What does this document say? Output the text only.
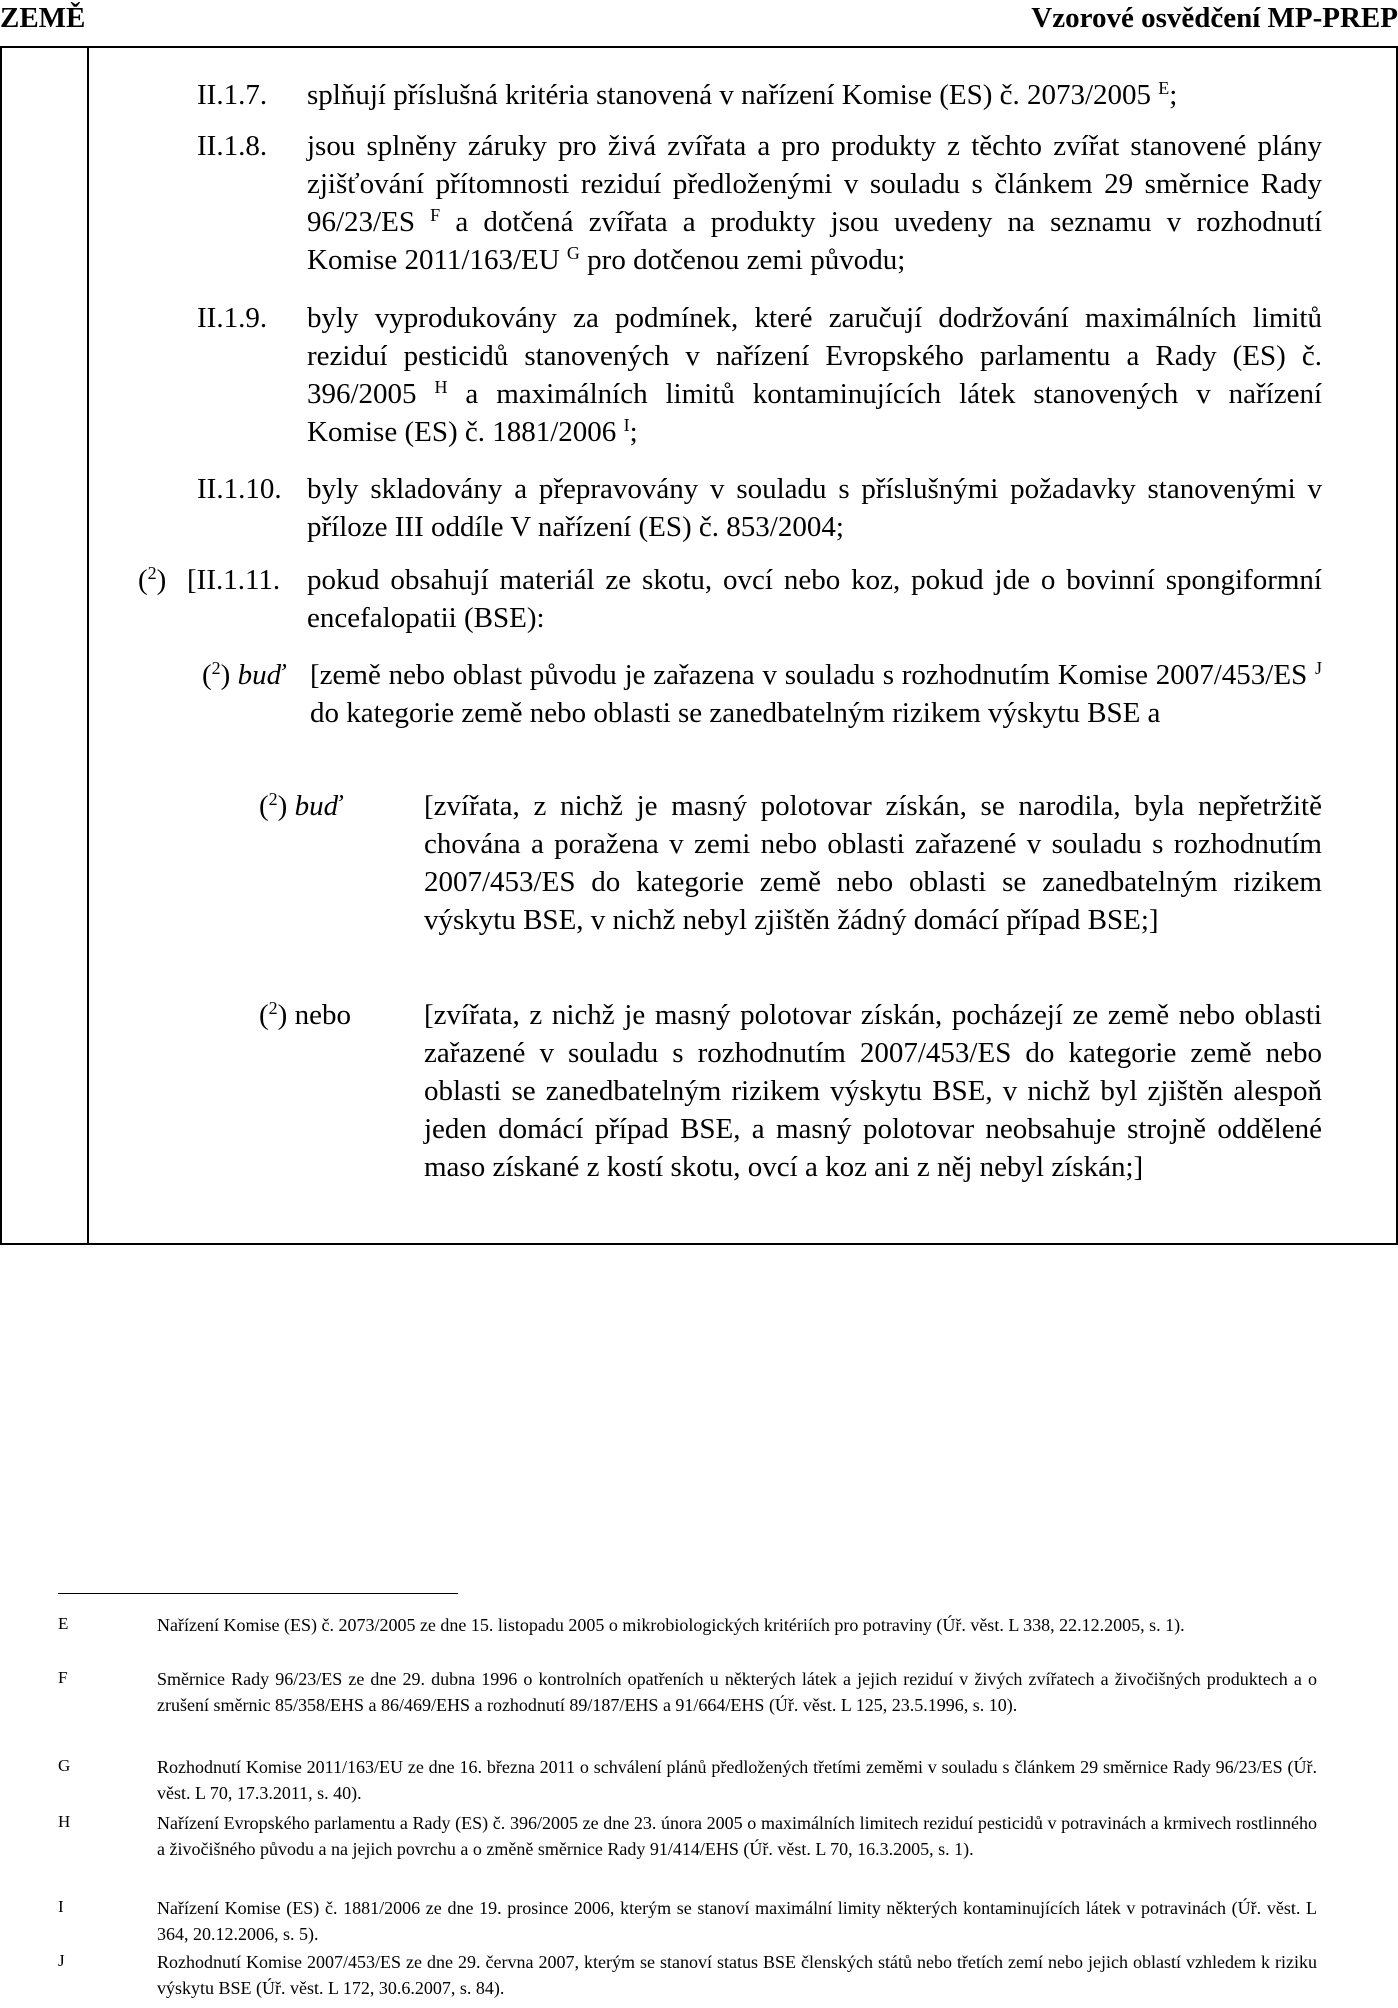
ZEMĚ	Vzorové osvědčení MP-PREP
II.1.7. splňují příslušná kritéria stanovená v nařízení Komise (ES) č. 2073/2005 $^E$;
II.1.8. jsou splněny záruky pro živá zvířata a pro produkty z těchto zvířat stanovené plány zjišťování přítomnosti reziduí předloženými v souladu s článkem 29 směrnice Rady 96/23/ES $^F$ a dotčená zvířata a produkty jsou uvedeny na seznamu v rozhodnutí Komise 2011/163/EU $^G$ pro dotčenou zemi původu;
II.1.9. byly vyprodukovány za podmínek, které zaručují dodržování maximálních limitů reziduí pesticidů stanovených v nařízení Evropského parlamentu a Rady (ES) č. 396/2005 $^H$ a maximálních limitů kontaminujících látek stanovených v nařízení Komise (ES) č. 1881/2006 $^I$;
II.1.10. byly skladovány a přepravovány v souladu s příslušnými požadavky stanovenými v příloze III oddíle V nařízení (ES) č. 853/2004;
($^2$) [II.1.11. pokud obsahují materiál ze skotu, ovcí nebo koz, pokud jde o bovinní spongiformní encefalopatii (BSE):
($^2$) buď [země nebo oblast původu je zařazena v souladu s rozhodnutím Komise 2007/453/ES $^J$ do kategorie země nebo oblasti se zanedbatelným rizikem výskytu BSE a
($^2$) buď	[zvířata, z nichž je masný polotovar získán, se narodila, byla nepřetržitě chována a poražena v zemi nebo oblasti zařazené v souladu s rozhodnutím 2007/453/ES do kategorie země nebo oblasti se zanedbatelným rizikem výskytu BSE, v nichž nebyl zjištěn žádný domácí případ BSE;]
($^2$) nebo	[zvířata, z nichž je masný polotovar získán, pocházejí ze země nebo oblasti zařazené v souladu s rozhodnutím 2007/453/ES do kategorie země nebo oblasti se zanedbatelným rizikem výskytu BSE, v nichž byl zjištěn alespoň jeden domácí případ BSE, a masný polotovar neobsahuje strojně oddělené maso získané z kostí skotu, ovcí a koz ani z něj nebyl získán;]
E	Nařízení Komise (ES) č. 2073/2005 ze dne 15. listopadu 2005 o mikrobiologických kritériích pro potraviny (Úř. věst. L 338, 22.12.2005, s. 1).
F	Směrnice Rady 96/23/ES ze dne 29. dubna 1996 o kontrolních opatřeních u některých látek a jejich reziduí v živých zvířatech a živočišných produktech a o zrušení směrnic 85/358/EHS a 86/469/EHS a rozhodnutí 89/187/EHS a 91/664/EHS (Úř. věst. L 125, 23.5.1996, s. 10).
G	Rozhodnutí Komise 2011/163/EU ze dne 16. března 2011 o schválení plánů předložených třetími zeměmi v souladu s článkem 29 směrnice Rady 96/23/ES (Úř. věst. L 70, 17.3.2011, s. 40).
H	Nařízení Evropského parlamentu a Rady (ES) č. 396/2005 ze dne 23. února 2005 o maximálních limitech reziduí pesticidů v potravinách a krmivech rostlinného a živočišného původu a na jejich povrchu a o změně směrnice Rady 91/414/EHS (Úř. věst. L 70, 16.3.2005, s. 1).
I	Nařízení Komise (ES) č. 1881/2006 ze dne 19. prosince 2006, kterým se stanoví maximální limity některých kontaminujících látek v potravinách (Úř. věst. L 364, 20.12.2006, s. 5).
J	Rozhodnutí Komise 2007/453/ES ze dne 29. června 2007, kterým se stanoví status BSE členských států nebo třetích zemí nebo jejich oblastí vzhledem k riziku výskytu BSE (Úř. věst. L 172, 30.6.2007, s. 84).
